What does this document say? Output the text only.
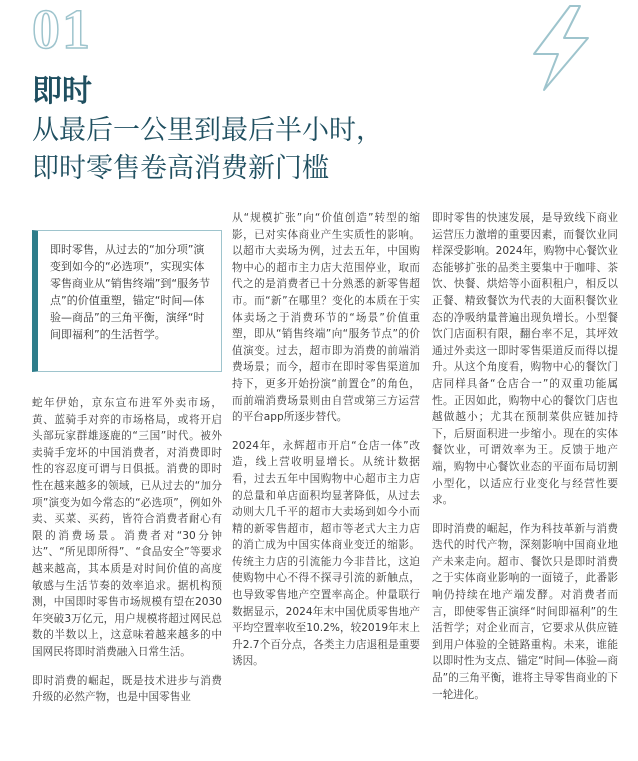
01
即时
从最后一公里到最后半小时，
即时零售卷高消费新门槛
即时零售，从过去的“加分项”演变到如今的“必选项”，实现实体零售商业从“销售终端”到“服务节点”的价值重塑，锚定“时间—体验—商品”的三角平衡，演绎“时间即福利”的生活哲学。

蛇年伊始，京东宣布进军外卖市场，黄、蓝骑手对弈的市场格局，或将开启头部玩家群雄逐鹿的“三国”时代。被外卖骑手宠坏的中国消费者，对消费即时性的容忍度可谓与日俱抵。消费的即时性在越来越多的领域，已从过去的“加分项”演变为如今常态的“必选项”，例如外卖、买菜、买药，皆符合消费者耐心有限的消费场景。消费者对“30分钟达”、“所见即所得”、“食品安全”等要求越来越高，其本质是对时间价值的高度敏感与生活节奏的效率追求。据机构预测，中国即时零售市场规模有望在2030年突破3万亿元，用户规模将超过网民总数的半数以上，这意味着越来越多的中国网民将即时消费融入日常生活。

即时消费的崛起，既是技术进步与消费升级的必然产物，也是中国零售业

从“规模扩张”向“价值创造”转型的缩影，已对实体商业产生实质性的影响。以超市大卖场为例，过去五年，中国购物中心的超市主力店大范围停业，取而代之的是消费者已十分熟悉的新零售超市。而“新”在哪里？变化的本质在于实体卖场之于消费环节的“场景”价值重塑，即从“销售终端”向“服务节点”的价值演变。过去，超市即为消费的前端消费场景；而今，超市在即时零售渠道加持下，更多开始扮演“前置仓”的角色，而前端消费场景则由自营或第三方运营的平台app所逐步替代。

2024年，永辉超市开启“仓店一体”改造，线上营收明显增长。从统计数据看，过去五年中国购物中心超市主力店的总量和单店面积均显著降低，从过去动则大几千平的超市大卖场到如今小而精的新零售超市，超市等老式大主力店的消亡成为中国实体商业变迁的缩影。传统主力店的引流能力今非昔比，这迫使购物中心不得不探寻引流的新触点，也导致零售地产空置率高企。仲量联行数据显示，2024年末中国优质零售地产平均空置率收至10.2%，较2019年末上升2.7个百分点，各类主力店退租是重要诱因。

即时零售的快速发展，是导致线下商业运营压力激增的重要因素，而餐饮业同样深受影响。2024年，购物中心餐饮业态能够扩张的品类主要集中于咖啡、茶饮、快餐、烘焙等小面积租户，相反以正餐、精致餐饮为代表的大面积餐饮业态的净吸纳量普遍出现负增长。小型餐饮门店面积有限，翻台率不足，其坪效通过外卖这一即时零售渠道反而得以提升。从这个角度看，购物中心的餐饮门店同样具备“仓店合一”的双重功能属性。正因如此，购物中心的餐饮门店也越做越小；尤其在预制菜供应链加持下，后厨面积进一步缩小。现在的实体餐饮业，可谓效率为王。反馈于地产端，购物中心餐饮业态的平面布局切割小型化，以适应行业变化与经营性要求。

即时消费的崛起，作为科技革新与消费迭代的时代产物，深刻影响中国商业地产未来走向。超市、餐饮只是即时消费之于实体商业影响的一面镜子，此番影响仍持续在地产端发酵。对消费者而言，即使零售正演绎“时间即福利”的生活哲学；对企业而言，它要求从供应链到用户体验的全链路重构。未来，谁能以即时性为支点、锚定“时间—体验—商品”的三角平衡，谁将主导零售商业的下一轮进化。
